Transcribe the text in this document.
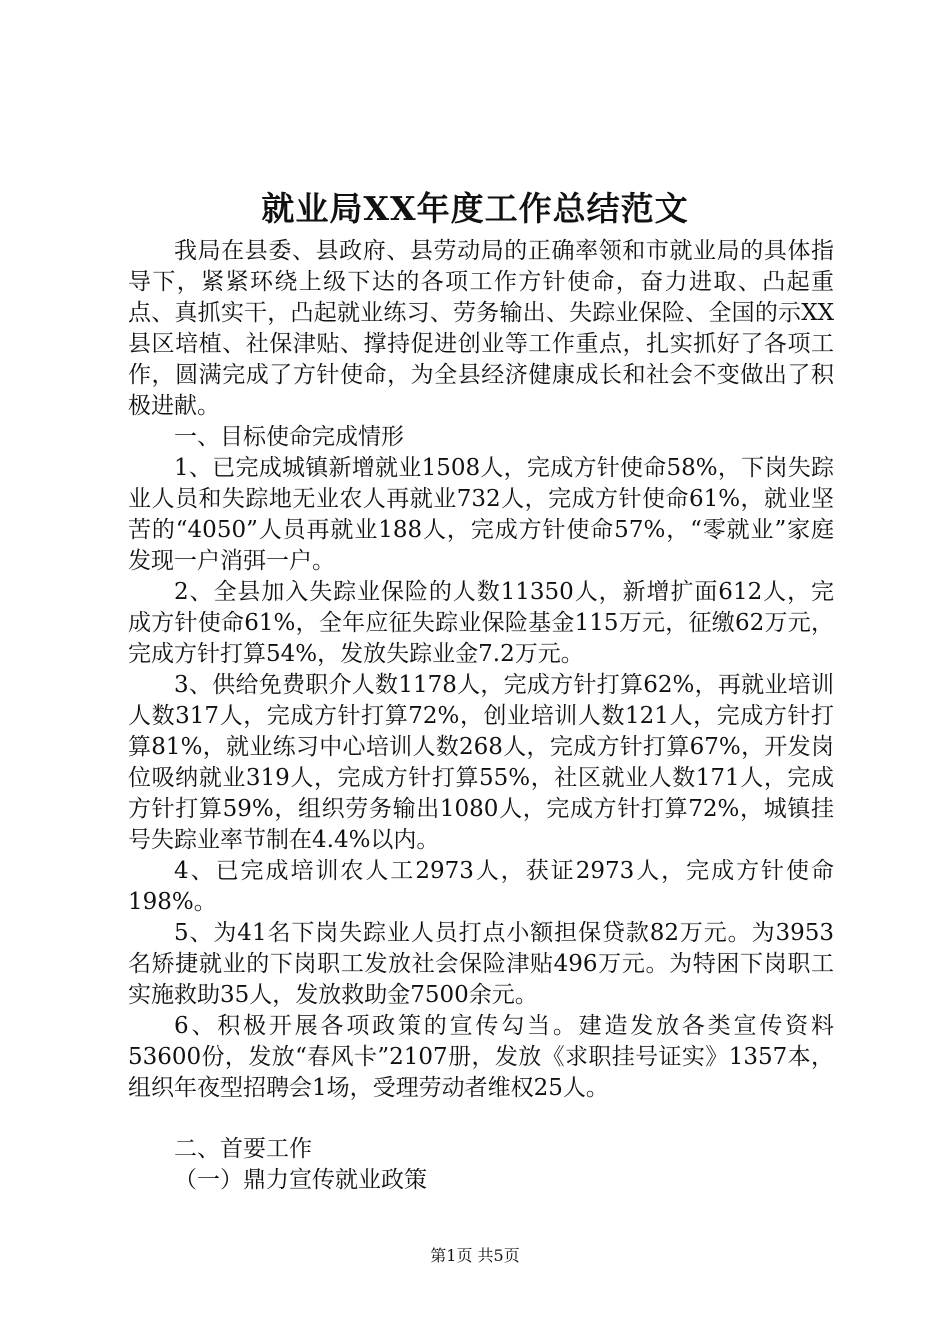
就业局XX年度工作总结范文

我局在县委、县政府、县劳动局的正确率领和市就业局的具体指导下，紧紧环绕上级下达的各项工作方针使命，奋力进取、凸起重点、真抓实干，凸起就业练习、劳务输出、失踪业保险、全国的示XX县区培植、社保津贴、撑持促进创业等工作重点，扎实抓好了各项工作，圆满完成了方针使命，为全县经济健康成长和社会不变做出了积极进献。

一、目标使命完成情形

1、已完成城镇新增就业1508人，完成方针使命58%，下岗失踪业人员和失踪地无业农人再就业732人，完成方针使命61%，就业坚苦的“4050”人员再就业188人，完成方针使命57%，“零就业”家庭发现一户消弭一户。

2、全县加入失踪业保险的人数11350人，新增扩面612人，完成方针使命61%，全年应征失踪业保险基金115万元，征缴62万元，完成方针打算54%，发放失踪业金7.2万元。

3、供给免费职介人数1178人，完成方针打算62%，再就业培训人数317人，完成方针打算72%，创业培训人数121人，完成方针打算81%，就业练习中心培训人数268人，完成方针打算67%，开发岗位吸纳就业319人，完成方针打算55%，社区就业人数171人，完成方针打算59%，组织劳务输出1080人，完成方针打算72%，城镇挂号失踪业率节制在4.4%以内。

4、已完成培训农人工2973人，获证2973人，完成方针使命198%。

5、为41名下岗失踪业人员打点小额担保贷款82万元。为3953名矫捷就业的下岗职工发放社会保险津贴496万元。为特困下岗职工实施救助35人，发放救助金7500余元。

6、积极开展各项政策的宣传勾当。建造发放各类宣传资料53600份，发放“春风卡”2107册，发放《求职挂号证实》1357本，组织年夜型招聘会1场，受理劳动者维权25人。

二、首要工作

（一）鼎力宣传就业政策

第1页 共5页
